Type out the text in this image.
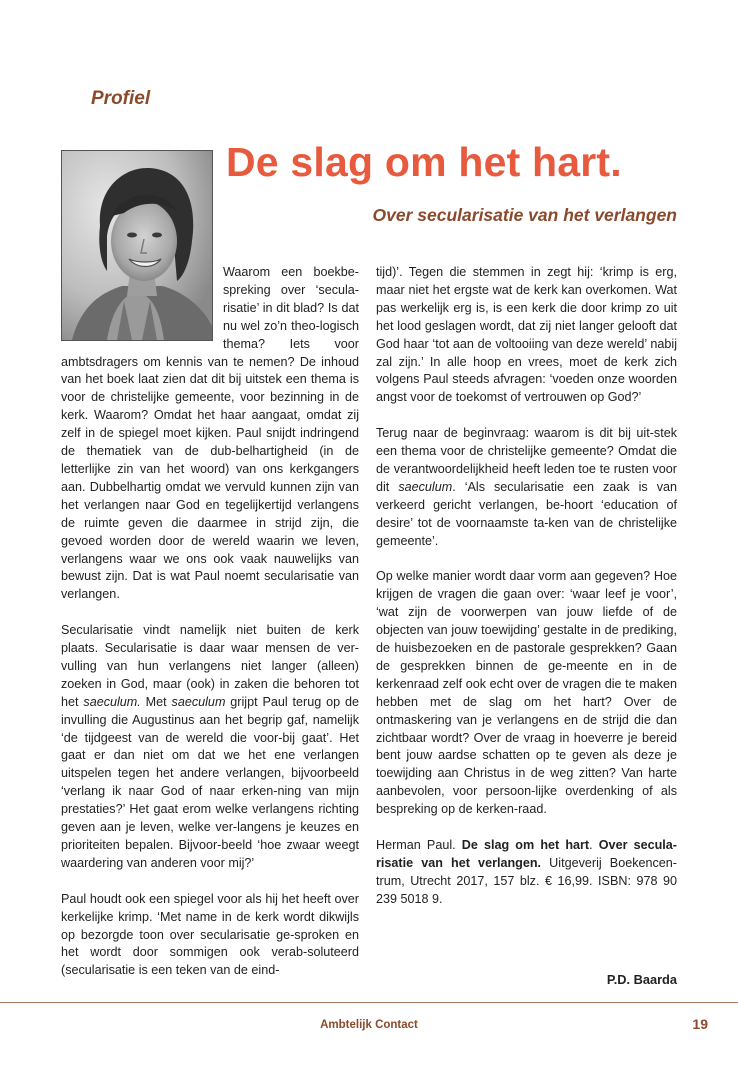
Profiel
De slag om het hart.
Over secularisatie van het verlangen

Waarom een boekbe-spreking over ‘secula-risatie’ in dit blad? Is dat nu wel zo’n theo-logisch thema? Iets voor ambtsdragers om kennis van te nemen? De inhoud van het boek laat zien dat dit bij uitstek een thema is voor de christelijke gemeente, voor bezinning in de kerk. Waarom? Omdat het haar aangaat, omdat zij zelf in de spiegel moet kijken. Paul snijdt indringend de thematiek van de dub-belhartigheid (in de letterlijke zin van het woord) van ons kerkgangers aan. Dubbelhartig omdat we vervuld kunnen zijn van het verlangen naar God en tegelijkertijd verlangens de ruimte geven die daarmee in strijd zijn, die gevoed worden door de wereld waarin we leven, verlangens waar we ons ook vaak nauwelijks van bewust zijn. Dat is wat Paul noemt secularisatie van verlangen.

Secularisatie vindt namelijk niet buiten de kerk plaats. Secularisatie is daar waar mensen de ver-vulling van hun verlangens niet langer (alleen) zoeken in God, maar (ook) in zaken die behoren tot het saeculum. Met saeculum grijpt Paul terug op de invulling die Augustinus aan het begrip gaf, namelijk ‘de tijdgeest van de wereld die voor-bij gaat’. Het gaat er dan niet om dat we het ene verlangen uitspelen tegen het andere verlangen, bijvoorbeeld ‘verlang ik naar God of naar erken-ning van mijn prestaties?’ Het gaat erom welke verlangens richting geven aan je leven, welke ver-langens je keuzes en prioriteiten bepalen. Bijvoor-beeld ‘hoe zwaar weegt waardering van anderen voor mij?’

Paul houdt ook een spiegel voor als hij het heeft over kerkelijke krimp. ‘Met name in de kerk wordt dikwijls op bezorgde toon over secularisatie ge-sproken en het wordt door sommigen ook verab-soluteerd (secularisatie is een teken van de eind-

tijd)’. Tegen die stemmen in zegt hij: ‘krimp is erg, maar niet het ergste wat de kerk kan overkomen. Wat pas werkelijk erg is, is een kerk die door krimp zo uit het lood geslagen wordt, dat zij niet langer gelooft dat God haar ‘tot aan de voltooiing van deze wereld’ nabij zal zijn.’ In alle hoop en vrees, moet de kerk zich volgens Paul steeds afvragen: ‘voeden onze woorden angst voor de toekomst of vertrouwen op God?’

Terug naar de beginvraag: waarom is dit bij uit-stek een thema voor de christelijke gemeente? Omdat die de verantwoordelijkheid heeft leden toe te rusten voor dit saeculum. ‘Als secularisatie een zaak is van verkeerd gericht verlangen, be-hoort ‘education of desire’ tot de voornaamste ta-ken van de christelijke gemeente’.

Op welke manier wordt daar vorm aan gegeven? Hoe krijgen de vragen die gaan over: ‘waar leef je voor’, ‘wat zijn de voorwerpen van jouw liefde of de objecten van jouw toewijding’ gestalte in de prediking, de huisbezoeken en de pastorale gesprekken? Gaan de gesprekken binnen de ge-meente en in de kerkenraad zelf ook echt over de vragen die te maken hebben met de slag om het hart? Over de ontmaskering van je verlangens en de strijd die dan zichtbaar wordt? Over de vraag in hoeverre je bereid bent jouw aardse schatten op te geven als deze je toewijding aan Christus in de weg zitten? Van harte aanbevolen, voor persoon-lijke overdenking of als bespreking op de kerken-raad.

Herman Paul. De slag om het hart. Over secula-risatie van het verlangen. Uitgeverij Boekencen-trum, Utrecht 2017, 157 blz. € 16,99. ISBN: 978 90 239 5018 9.

P.D. Baarda
Ambtelijk Contact	19
